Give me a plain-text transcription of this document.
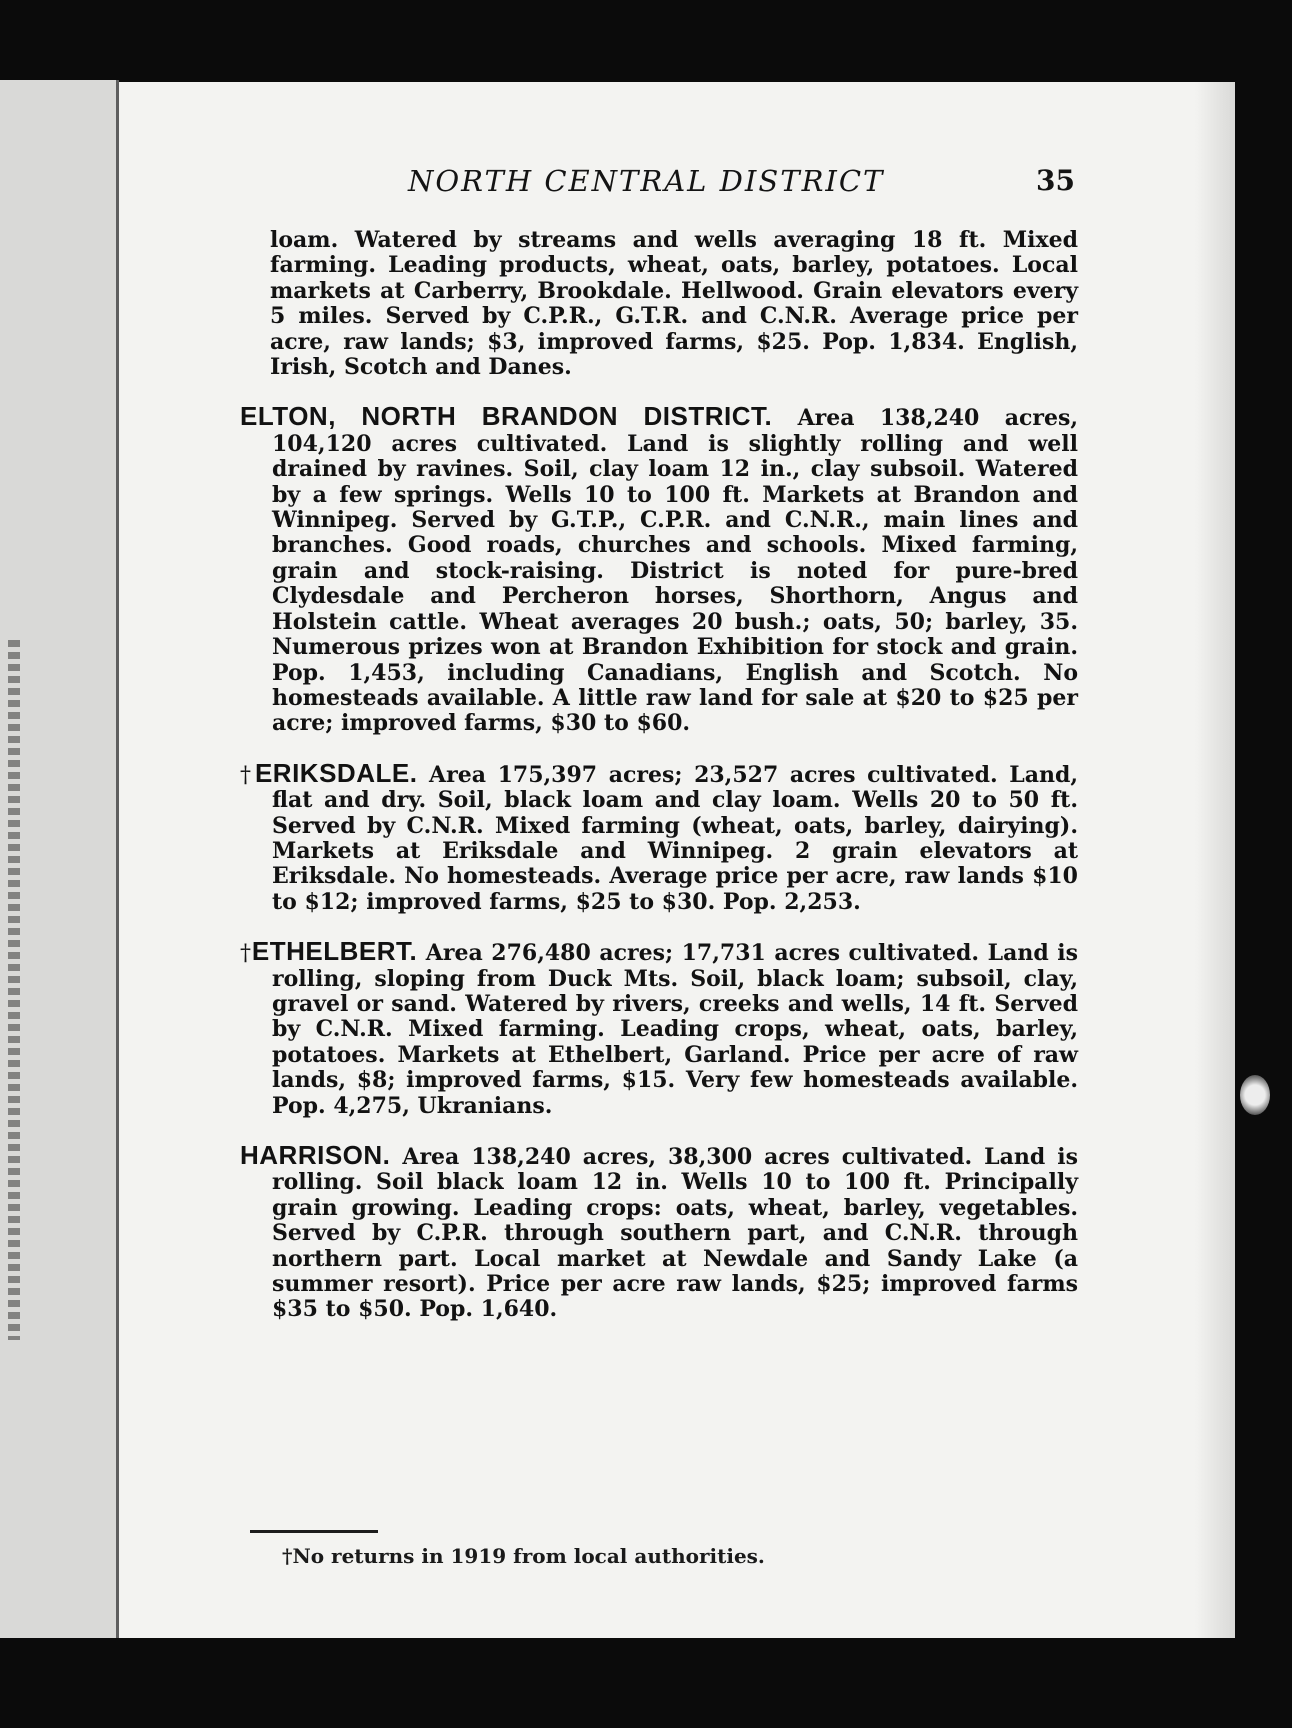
NORTH CENTRAL DISTRICT	35

loam. Watered by streams and wells averaging 18 ft. Mixed farming. Leading products, wheat, oats, barley, potatoes. Local markets at Carberry, Brookdale. Hellwood. Grain elevators every 5 miles. Served by C.P.R., G.T.R. and C.N.R. Average price per acre, raw lands; $3, improved farms, $25. Pop. 1,834. English, Irish, Scotch and Danes.

ELTON, NORTH BRANDON DISTRICT. Area 138,240 acres, 104,120 acres cultivated. Land is slightly rolling and well drained by ravines. Soil, clay loam 12 in., clay subsoil. Watered by a few springs. Wells 10 to 100 ft. Markets at Brandon and Winnipeg. Served by G.T.P., C.P.R. and C.N.R., main lines and branches. Good roads, churches and schools. Mixed farming, grain and stock-raising. District is noted for pure-bred Clydesdale and Percheron horses, Shorthorn, Angus and Holstein cattle. Wheat averages 20 bush.; oats, 50; barley, 35. Numerous prizes won at Brandon Exhibition for stock and grain. Pop. 1,453, including Canadians, English and Scotch. No homesteads available. A little raw land for sale at $20 to $25 per acre; improved farms, $30 to $60.

†ERIKSDALE. Area 175,397 acres; 23,527 acres cultivated. Land, flat and dry. Soil, black loam and clay loam. Wells 20 to 50 ft. Served by C.N.R. Mixed farming (wheat, oats, barley, dairying). Markets at Eriksdale and Winnipeg. 2 grain elevators at Eriksdale. No homesteads. Average price per acre, raw lands $10 to $12; improved farms, $25 to $30. Pop. 2,253.

†ETHELBERT. Area 276,480 acres; 17,731 acres cultivated. Land is rolling, sloping from Duck Mts. Soil, black loam; subsoil, clay, gravel or sand. Watered by rivers, creeks and wells, 14 ft. Served by C.N.R. Mixed farming. Leading crops, wheat, oats, barley, potatoes. Markets at Ethelbert, Garland. Price per acre of raw lands, $8; improved farms, $15. Very few homesteads available. Pop. 4,275, Ukranians.

HARRISON. Area 138,240 acres, 38,300 acres cultivated. Land is rolling. Soil black loam 12 in. Wells 10 to 100 ft. Principally grain growing. Leading crops: oats, wheat, barley, vegetables. Served by C.P.R. through southern part, and C.N.R. through northern part. Local market at Newdale and Sandy Lake (a summer resort). Price per acre raw lands, $25; improved farms $35 to $50. Pop. 1,640.

†No returns in 1919 from local authorities.
